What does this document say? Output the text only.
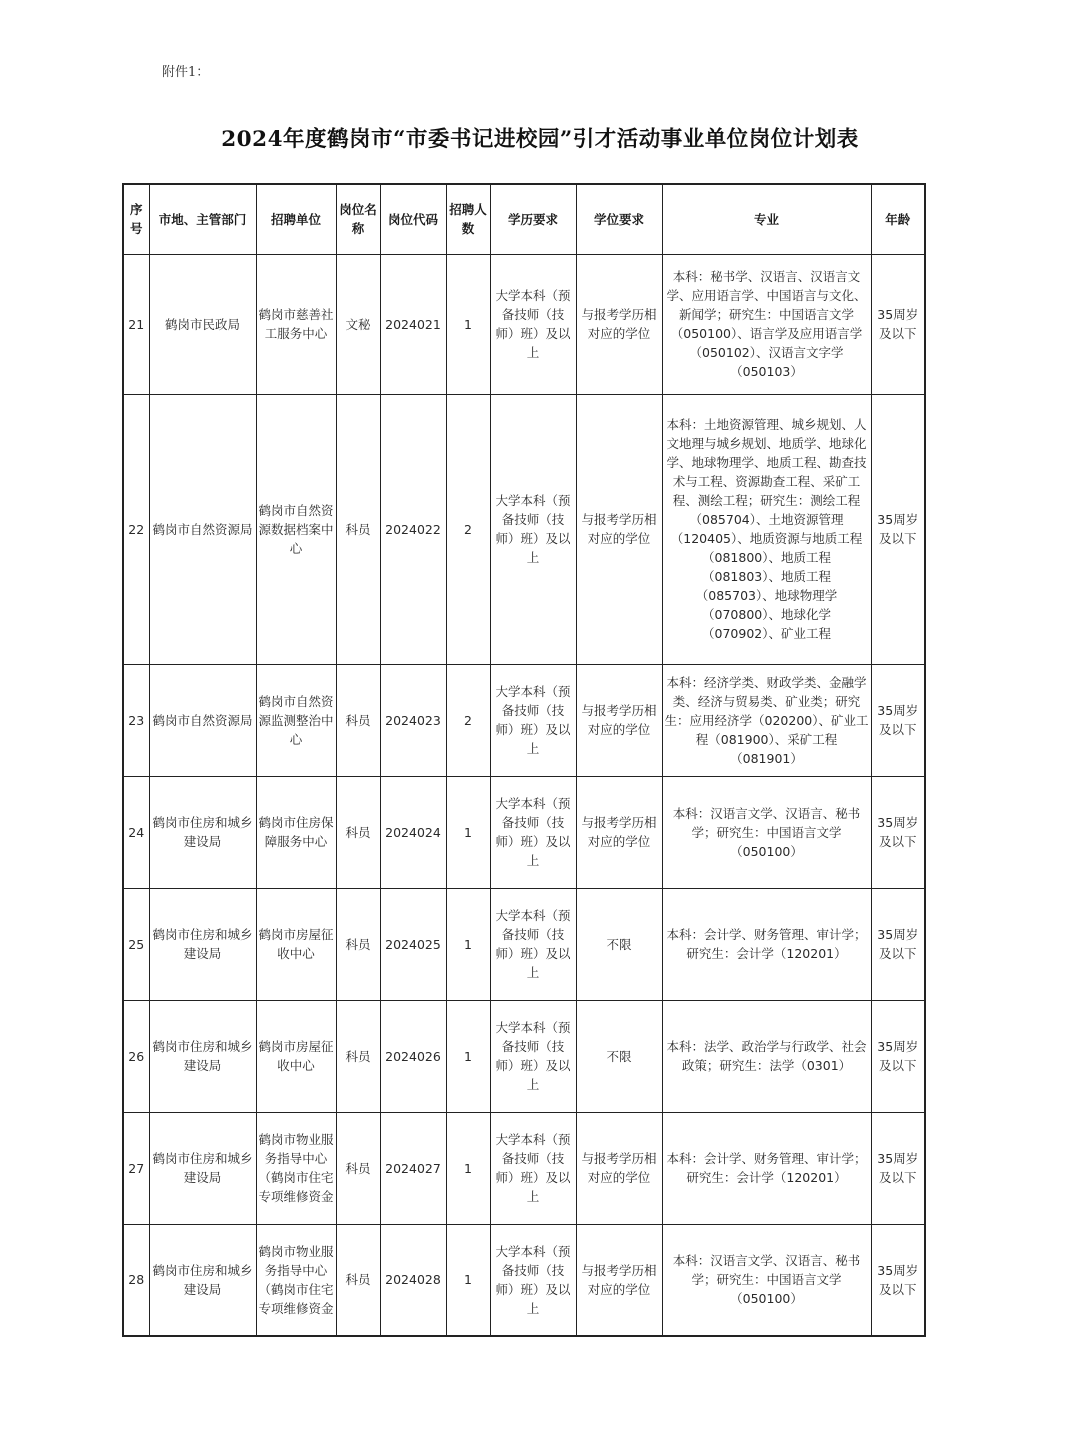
附件1：
2024年度鹤岗市“市委书记进校园”引才活动事业单位岗位计划表
序号	市地、主管部门	招聘单位	岗位名称	岗位代码	招聘人数	学历要求	学位要求	专业	年龄

21	鹤岗市民政局	鹤岗市慈善社工服务中心	文秘	2024021	1	大学本科（预备技师（技师）班）及以上	与报考学历相对应的学位	本科：秘书学、汉语言、汉语言文学、应用语言学、中国语言与文化、新闻学；研究生：中国语言文学（050100）、语言学及应用语言学（050102）、汉语言文字学（050103）	35周岁及以下

22	鹤岗市自然资源局	鹤岗市自然资源数据档案中心	科员	2024022	2	大学本科（预备技师（技师）班）及以上	与报考学历相对应的学位	本科：土地资源管理、城乡规划、人文地理与城乡规划、地质学、地球化学、地球物理学、地质工程、勘查技术与工程、资源勘查工程、采矿工程、测绘工程；研究生：测绘工程（085704）、土地资源管理（120405）、地质资源与地质工程（081800）、地质工程（081803）、地质工程（085703）、地球物理学（070800）、地球化学（070902）、矿业工程	35周岁及以下

23	鹤岗市自然资源局	鹤岗市自然资源监测整治中心	科员	2024023	2	大学本科（预备技师（技师）班）及以上	与报考学历相对应的学位	本科：经济学类、财政学类、金融学类、经济与贸易类、矿业类；研究生：应用经济学（020200）、矿业工程（081900）、采矿工程（081901）	35周岁及以下

24	鹤岗市住房和城乡建设局	鹤岗市住房保障服务中心	科员	2024024	1	大学本科（预备技师（技师）班）及以上	与报考学历相对应的学位	本科：汉语言文学、汉语言、秘书学；研究生：中国语言文学（050100）	35周岁及以下

25	鹤岗市住房和城乡建设局	鹤岗市房屋征收中心	科员	2024025	1	大学本科（预备技师（技师）班）及以上	不限	本科：会计学、财务管理、审计学；研究生：会计学（120201）	35周岁及以下

26	鹤岗市住房和城乡建设局	鹤岗市房屋征收中心	科员	2024026	1	大学本科（预备技师（技师）班）及以上	不限	本科：法学、政治学与行政学、社会政策；研究生：法学（0301）	35周岁及以下

27	鹤岗市住房和城乡建设局	鹤岗市物业服务指导中心（鹤岗市住宅专项维修资金	科员	2024027	1	大学本科（预备技师（技师）班）及以上	与报考学历相对应的学位	本科：会计学、财务管理、审计学；研究生：会计学（120201）	35周岁及以下

28	鹤岗市住房和城乡建设局	鹤岗市物业服务指导中心（鹤岗市住宅专项维修资金	科员	2024028	1	大学本科（预备技师（技师）班）及以上	与报考学历相对应的学位	本科：汉语言文学、汉语言、秘书学；研究生：中国语言文学（050100）	35周岁及以下
